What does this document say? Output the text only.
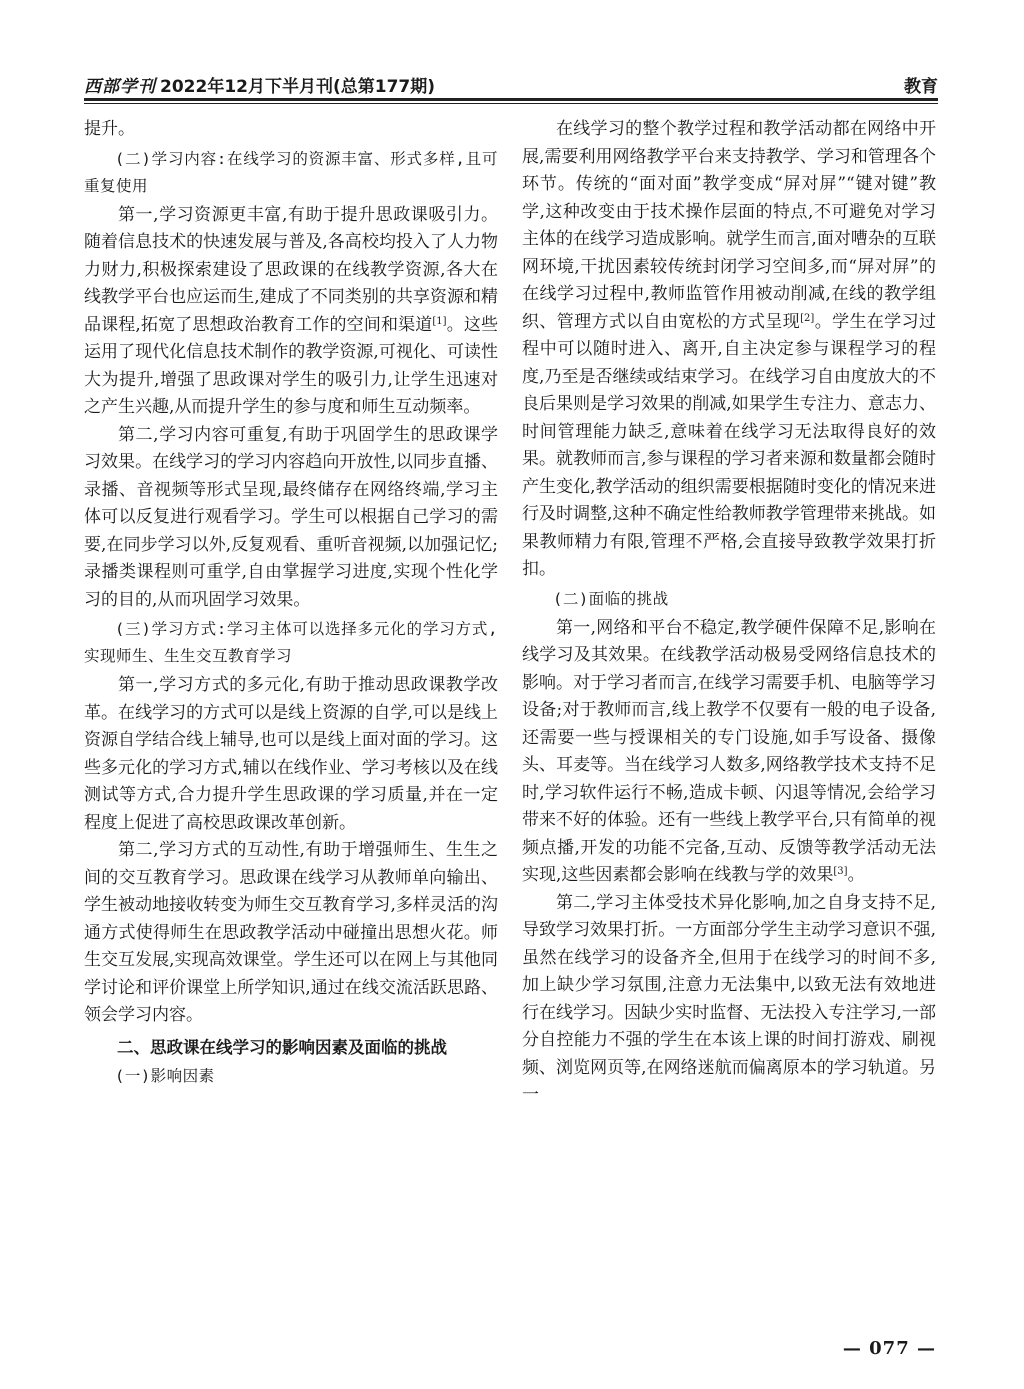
西部学刊 2022年12月下半月刊(总第177期)	教育

提升。

(二)学习内容:在线学习的资源丰富、形式多样,且可重复使用

第一,学习资源更丰富,有助于提升思政课吸引力。随着信息技术的快速发展与普及,各高校均投入了人力物力财力,积极探索建设了思政课的在线教学资源,各大在线教学平台也应运而生,建成了不同类别的共享资源和精品课程,拓宽了思想政治教育工作的空间和渠道[1]。这些运用了现代化信息技术制作的教学资源,可视化、可读性大为提升,增强了思政课对学生的吸引力,让学生迅速对之产生兴趣,从而提升学生的参与度和师生互动频率。

第二,学习内容可重复,有助于巩固学生的思政课学习效果。在线学习的学习内容趋向开放性,以同步直播、录播、音视频等形式呈现,最终储存在网络终端,学习主体可以反复进行观看学习。学生可以根据自己学习的需要,在同步学习以外,反复观看、重听音视频,以加强记忆;录播类课程则可重学,自由掌握学习进度,实现个性化学习的目的,从而巩固学习效果。

(三)学习方式:学习主体可以选择多元化的学习方式,实现师生、生生交互教育学习

第一,学习方式的多元化,有助于推动思政课教学改革。在线学习的方式可以是线上资源的自学,可以是线上资源自学结合线上辅导,也可以是线上面对面的学习。这些多元化的学习方式,辅以在线作业、学习考核以及在线测试等方式,合力提升学生思政课的学习质量,并在一定程度上促进了高校思政课改革创新。

第二,学习方式的互动性,有助于增强师生、生生之间的交互教育学习。思政课在线学习从教师单向输出、学生被动地接收转变为师生交互教育学习,多样灵活的沟通方式使得师生在思政教学活动中碰撞出思想火花。师生交互发展,实现高效课堂。学生还可以在网上与其他同学讨论和评价课堂上所学知识,通过在线交流活跃思路、领会学习内容。

二、思政课在线学习的影响因素及面临的挑战

(一)影响因素

在线学习的整个教学过程和教学活动都在网络中开展,需要利用网络教学平台来支持教学、学习和管理各个环节。传统的“面对面”教学变成“屏对屏”“键对键”教学,这种改变由于技术操作层面的特点,不可避免对学习主体的在线学习造成影响。就学生而言,面对嘈杂的互联网环境,干扰因素较传统封闭学习空间多,而“屏对屏”的在线学习过程中,教师监管作用被动削减,在线的教学组织、管理方式以自由宽松的方式呈现[2]。学生在学习过程中可以随时进入、离开,自主决定参与课程学习的程度,乃至是否继续或结束学习。在线学习自由度放大的不良后果则是学习效果的削减,如果学生专注力、意志力、时间管理能力缺乏,意味着在线学习无法取得良好的效果。就教师而言,参与课程的学习者来源和数量都会随时产生变化,教学活动的组织需要根据随时变化的情况来进行及时调整,这种不确定性给教师教学管理带来挑战。如果教师精力有限,管理不严格,会直接导致教学效果打折扣。

(二)面临的挑战

第一,网络和平台不稳定,教学硬件保障不足,影响在线学习及其效果。在线教学活动极易受网络信息技术的影响。对于学习者而言,在线学习需要手机、电脑等学习设备;对于教师而言,线上教学不仅要有一般的电子设备,还需要一些与授课相关的专门设施,如手写设备、摄像头、耳麦等。当在线学习人数多,网络教学技术支持不足时,学习软件运行不畅,造成卡顿、闪退等情况,会给学习带来不好的体验。还有一些线上教学平台,只有简单的视频点播,开发的功能不完备,互动、反馈等教学活动无法实现,这些因素都会影响在线教与学的效果[3]。

第二,学习主体受技术异化影响,加之自身支持不足,导致学习效果打折。一方面部分学生主动学习意识不强,虽然在线学习的设备齐全,但用于在线学习的时间不多,加上缺少学习氛围,注意力无法集中,以致无法有效地进行在线学习。因缺少实时监督、无法投入专注学习,一部分自控能力不强的学生在本该上课的时间打游戏、刷视频、浏览网页等,在网络迷航而偏离原本的学习轨道。另一

— 077 —
